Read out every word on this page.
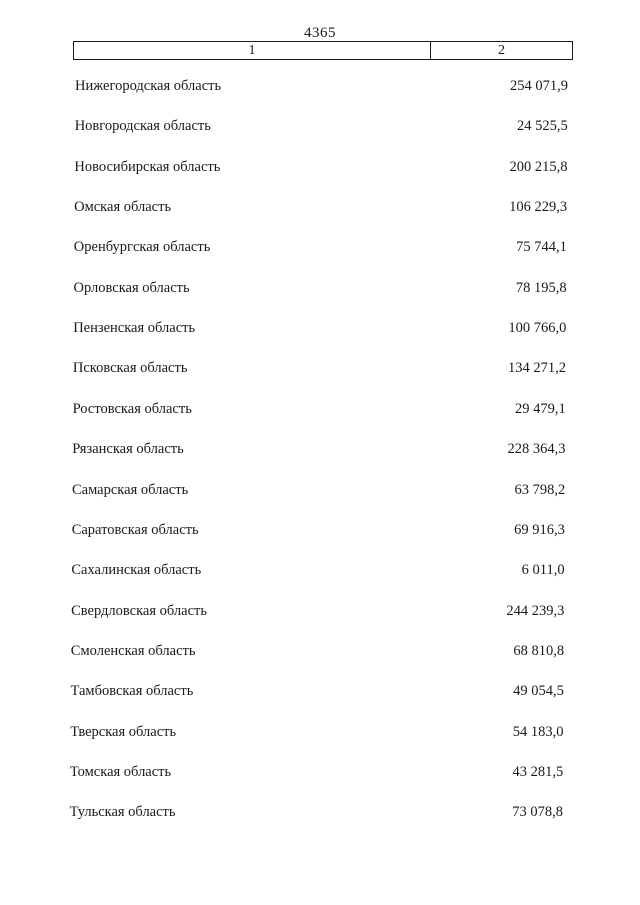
4365
1	2
Нижегородская область	254 071,9
Новгородская область	24 525,5
Новосибирская область	200 215,8
Омская область	106 229,3
Оренбургская область	75 744,1
Орловская область	78 195,8
Пензенская область	100 766,0
Псковская область	134 271,2
Ростовская область	29 479,1
Рязанская область	228 364,3
Самарская область	63 798,2
Саратовская область	69 916,3
Сахалинская область	6 011,0
Свердловская область	244 239,3
Смоленская область	68 810,8
Тамбовская область	49 054,5
Тверская область	54 183,0
Томская область	43 281,5
Тульская область	73 078,8
